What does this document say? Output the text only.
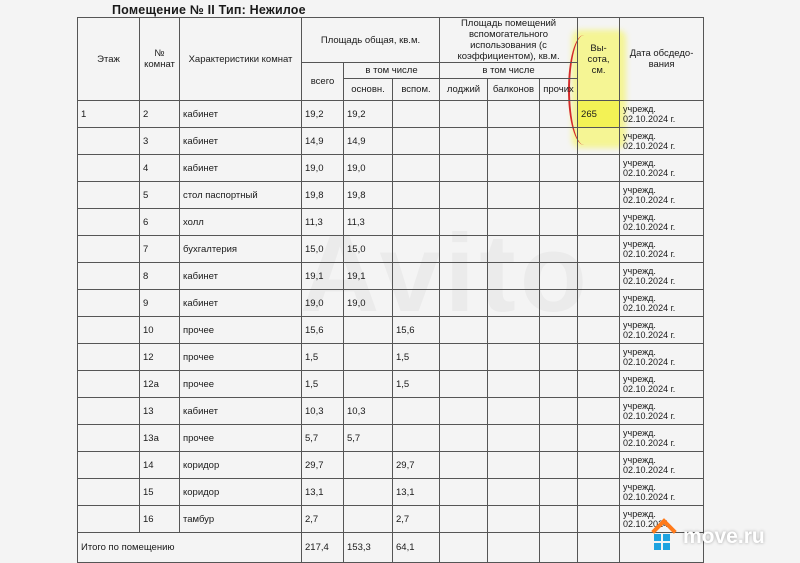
Помещение № II Тип: Нежилое
Этаж	№ комнат	Характеристики комнат	Площадь общая, кв.м.			Площадь помещений вспомогательного использования (с коэффициентом), кв.м.			Вы-сота, см.	Дата обсдедо-вания
			всего	в том числе		в том числе				
				основн.	вспом.	лоджий	балконов	прочих		
1	2	кабинет	19,2	19,2					265	учрежд. 02.10.2024 г.
	3	кабинет	14,9	14,9						учрежд. 02.10.2024 г.
	4	кабинет	19,0	19,0						учрежд. 02.10.2024 г.
	5	стол паспортный	19,8	19,8						учрежд. 02.10.2024 г.
	6	холл	11,3	11,3						учрежд. 02.10.2024 г.
	7	бухгалтерия	15,0	15,0						учрежд. 02.10.2024 г.
	8	кабинет	19,1	19,1						учрежд. 02.10.2024 г.
	9	кабинет	19,0	19,0						учрежд. 02.10.2024 г.
	10	прочее	15,6		15,6					учрежд. 02.10.2024 г.
	12	прочее	1,5		1,5					учрежд. 02.10.2024 г.
	12а	прочее	1,5		1,5					учрежд. 02.10.2024 г.
	13	кабинет	10,3	10,3						учрежд. 02.10.2024 г.
	13а	прочее	5,7	5,7						учрежд. 02.10.2024 г.
	14	коридор	29,7		29,7					учрежд. 02.10.2024 г.
	15	коридор	13,1		13,1					учрежд. 02.10.2024 г.
	16	тамбур	2,7		2,7					учрежд. 02.10.2024
Итого по помещению			217,4	153,3	64,1						move.ru
